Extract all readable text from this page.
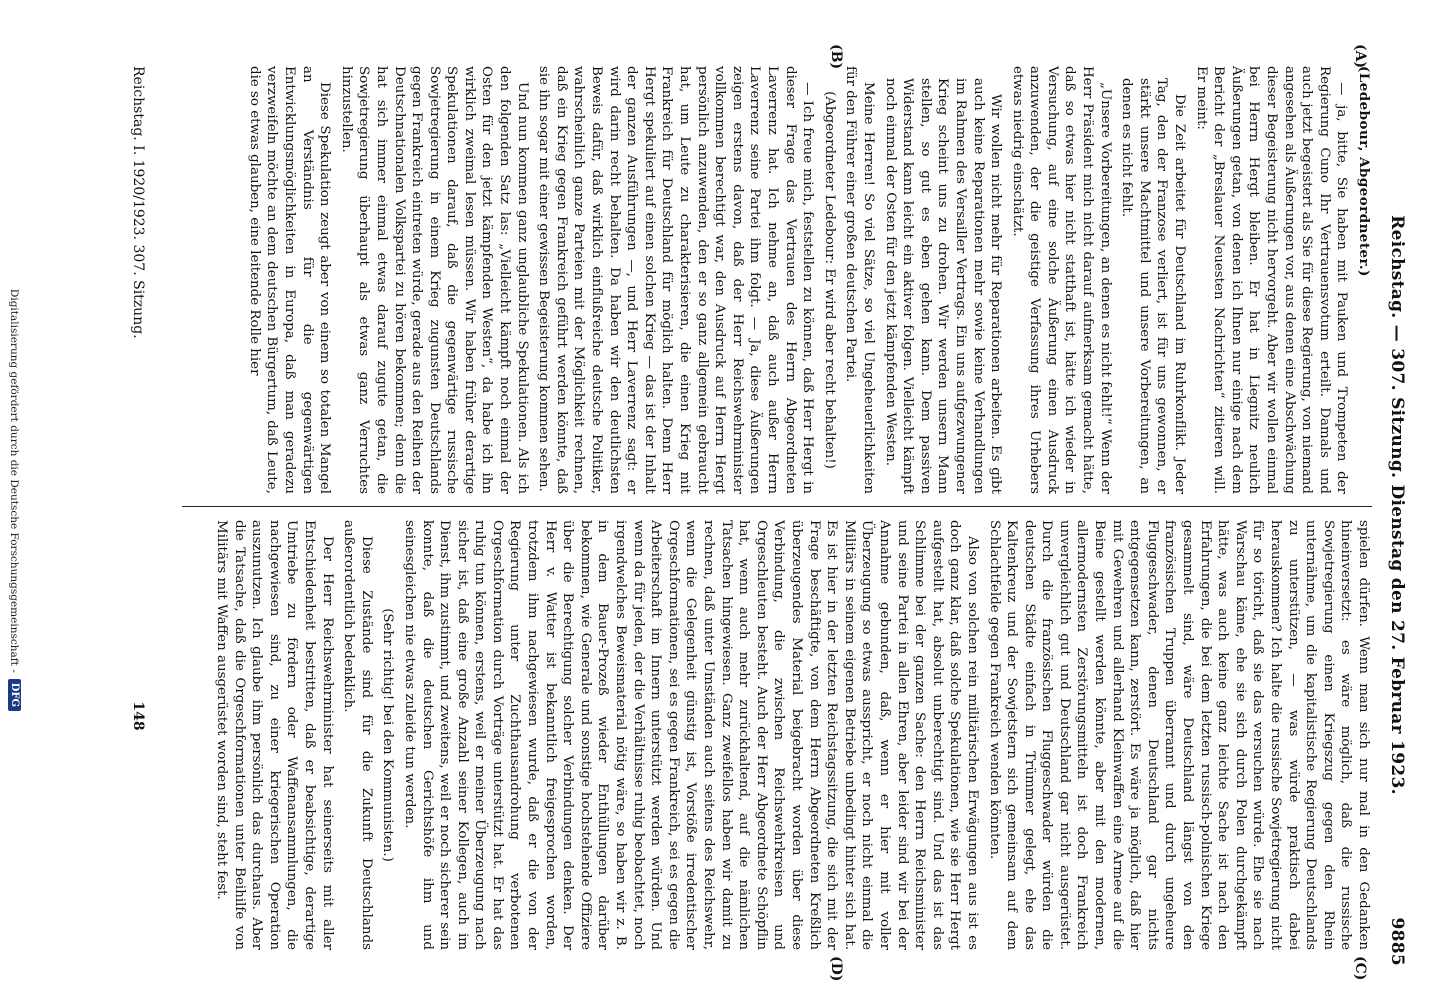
Reichstag. — 307. Sitzung. Dienstag den 27. Februar 1923.
9885
(A)
(B)
(C)
(D)

(Ledebour, Abgeordneter.)

— ja, bitte, Sie haben mit Pauken und Trompeten der Regierung Cuno Ihr Vertrauensvotum erteilt. Damals und auch jetzt begeistert als Sie für diese Regierung, von niemand angesehen als Äußerungen vor, aus denen eine Abschwächung dieser Begeisterung nicht hervorgeht. Aber wir wollen einmal bei Herrn Hergt bleiben. Er hat in Liegnitz neulich Äußerungen getan, von denen ich Ihnen nur einige nach dem Bericht der „Breslauer Neuesten Nachrichten“ zitieren will. Er meint:

Die Zeit arbeitet für Deutschland im Ruhrkonflikt. Jeder Tag, den der Franzose verliert, ist für uns gewonnen, er stärkt unsere Machtmittel und unsere Vorbereitungen, an denen es nicht fehlt.

„Unsere Vorbereitungen, an denen es nicht fehlt!“ Wenn der Herr Präsident mich nicht darauf aufmerksam gemacht hätte, daß so etwas hier nicht statthaft ist, hätte ich wieder in Versuchung, auf eine solche Äußerung einen Ausdruck anzuwenden, der die geistige Verfassung ihres Urhebers etwas niedrig einschätzt.

Wir wollen nicht mehr für Reparationen arbeiten. Es gibt auch keine Reparationen mehr sowie keine Verhandlungen im Rahmen des Versailler Vertrags. Ein uns aufgezwungener Krieg scheint uns zu drohen. Wir werden unsern Mann stellen, so gut es eben gehen kann. Dem passiven Widerstand kann leicht ein aktiver folgen. Vielleicht kämpft noch einmal der Osten für den jetzt kämpfenden Westen.

Meine Herren! So viel Sätze, so viel Ungeheuerlichkeiten für den Führer einer großen deutschen Partei.

(Abgeordneter Ledebour: Er wird aber recht behalten!)

— Ich freue mich, feststellen zu können, daß Herr Hergt in dieser Frage das Vertrauen des Herrn Abgeordneten Laverrenz hat. Ich nehme an, daß auch außer Herrn Laverrenz seine Partei ihm folgt. — Ja, diese Äußerungen zeigen erstens davon, daß der Herr Reichswehrminister vollkommen berechtigt war, den Ausdruck auf Herrn Hergt persönlich anzuwenden, den er so ganz allgemein gebraucht hat, um Leute zu charakterisieren, die einen Krieg mit Frankreich für Deutschland für möglich halten. Denn Herr Hergt spekuliert auf einen solchen Krieg — das ist der Inhalt der ganzen Ausführungen —, und Herr Laverrenz sagt: er wird darin recht behalten. Da haben wir den deutlichsten Beweis dafür, daß wirklich einflußreiche deutsche Politiker, wahrscheinlich ganze Parteien mit der Möglichkeit rechnen, daß ein Krieg gegen Frankreich geführt werden könnte, daß sie ihn sogar mit einer gewissen Begeisterung kommen sehen.

Und nun kommen ganz unglaubliche Spekulationen. Als ich den folgenden Satz las: „Vielleicht kämpft noch einmal der Osten für den jetzt kämpfenden Westen“, da habe ich ihn wirklich zweimal lesen müssen. Wir haben früher derartige Spekulationen darauf, daß die gegenwärtige russische Sowjetregierung in einem Krieg zugunsten Deutschlands gegen Frankreich eintreten würde, gerade aus den Reihen der Deutschnationalen Volkspartei zu hören bekommen; denn die hat sich immer einmal etwas darauf zugute getan, die Sowjetregierung überhaupt als etwas ganz Verruchtes hinzustellen.

Diese Spekulation zeugt aber von einem so totalen Mangel an Verständnis für die gegenwärtigen Entwicklungsmöglichkeiten in Europa, daß man geradezu verzweifeln möchte an dem deutschen Bürgertum, daß Leute, die so etwas glauben, eine leitende Rolle hier

spielen dürfen. Wenn man sich nur mal in den Gedanken hineinversetzt: es wäre möglich, daß die russische Sowjetregierung einen Kriegszug gegen den Rhein unternähme, um die kapitalistische Regierung Deutschlands zu unterstützen, — was würde praktisch dabei herauskommen? Ich halte die russische Sowjetregierung nicht für so töricht, daß sie das versuchen würde. Ehe sie nach Warschau käme, ehe sie sich durch Polen durchgekämpft hätte, was auch keine ganz leichte Sache ist nach den Erfahrungen, die bei dem letzten russisch-polnischen Kriege gesammelt sind, wäre Deutschland längst von den französischen Truppen überrannt und durch ungeheure Fluggeschwader, denen Deutschland gar nichts entgegensetzen kann, zerstört. Es wäre ja möglich, daß hier mit Gewehren und allerhand Kleinwaffen eine Armee auf die Beine gestellt werden könnte, aber mit den modernen, allermodernsten Zerstörungsmitteln ist doch Frankreich unvergleichlich gut und Deutschland gar nicht ausgerüstet. Durch die französischen Fluggeschwader würden die deutschen Städte einfach in Trümmer gelegt, ehe das Kaltenkreuz und der Sowjetstern sich gemeinsam auf dem Schlachtfelde gegen Frankreich wenden könnten.

Also von solchen rein militärischen Erwägungen aus ist es doch ganz klar, daß solche Spekulationen, wie sie Herr Hergt aufgestellt hat, absolut unberechtigt sind. Und das ist das Schlimme bei der ganzen Sache: den Herrn Reichsminister und seine Partei in allen Ehren, aber leider sind wir bei der Annahme gebunden, daß, wenn er hier mit voller Überzeugung so etwas ausspricht, er noch nicht einmal die Militärs in seinem eigenen Betriebe unbedingt hinter sich hat. Es ist hier in der letzten Reichstagssitzung, die sich mit der Frage beschäftigte, von dem Herrn Abgeordneten Kreßlich überzeugendes Material beigebracht worden über diese Verbindung, die zwischen Reichswehrkreisen und Orgeschleuten besteht. Auch der Herr Abgeordnete Schöpflin hat, wenn auch mehr zurückhaltend, auf die nämlichen Tatsachen hingewiesen. Ganz zweifellos haben wir damit zu rechnen, daß unter Umständen auch seitens des Reichswehr, wenn die Gelegenheit günstig ist, Vorstöße irredentischer Orgeschformationen, sei es gegen Frankreich, sei es gegen die Arbeiterschaft im Innern unterstützt werden würden. Und wenn da für jeden, der die Verhältnisse ruhig beobachtet, noch irgendwelches Beweismaterial nötig wäre, so haben wir z. B. in dem Bauer-Prozeß wieder Enthüllungen darüber bekommen, wie Generale und sonstige hochstehende Offiziere über die Berechtigung solcher Verbindungen denken. Der Herr v. Watter ist bekanntlich freigesprochen worden, trotzdem ihm nachgewiesen wurde, daß er die von der Regierung unter Zuchthausandrohung verbotenen Orgeschformation durch Vorträge unterstützt hat. Er hat das ruhig tun können, erstens, weil er meiner Überzeugung nach sicher ist, daß eine große Anzahl seiner Kollegen, auch im Dienst, ihm zustimmt, und zweitens, weil er noch sicherer sein konnte, daß die deutschen Gerichtshöfe ihm und seinesgleichen nie etwas zuleide tun werden.

(Sehr richtig! bei den Kommunisten.)

Diese Zustände sind für die Zukunft Deutschlands außerordentlich bedenklich.

Der Herr Reichswehrminister hat seinerseits mit aller Entschiedenheit bestritten, daß er beabsichtige, derartige Umtriebe zu fördern oder Waffenansammlungen, die nachgewiesen sind, zu einer kriegerischen Operation auszunutzen. Ich glaube ihm persönlich das durchaus. Aber die Tatsache, daß die Orgeschformationen unter Beihilfe von Militärs mit Waffen ausgerüstet worden sind, steht fest.

Reichstag. I. 1920/1923. 307. Sitzung.
148
Digitalisierung gefördert durch die Deutsche Forschungsgemeinschaft -
DFG
